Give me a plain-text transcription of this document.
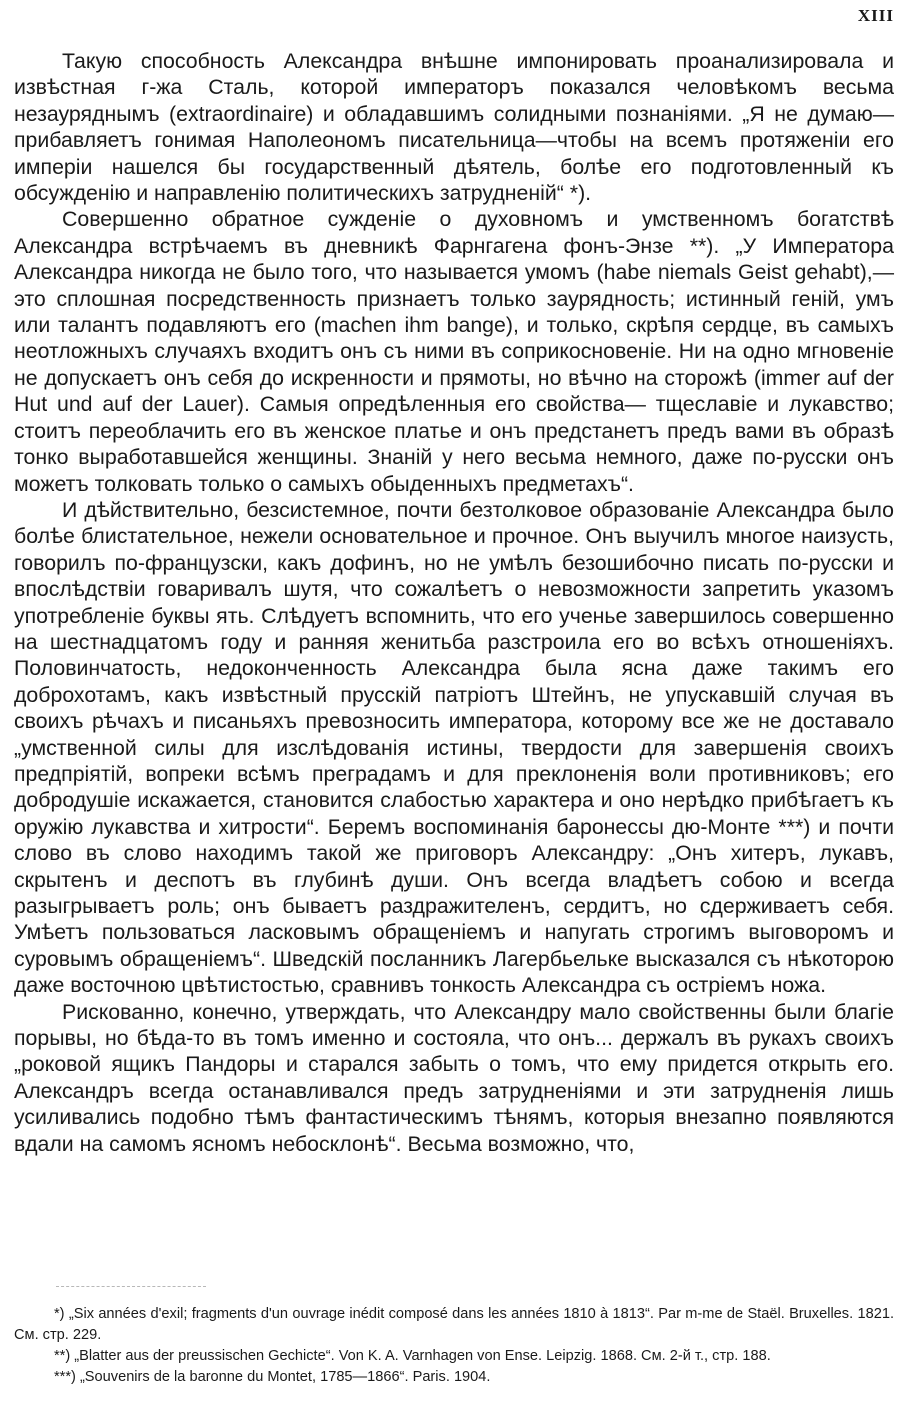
XIII

Такую способность Александра внѣшне импонировать проанализировала и извѣстная г-жа Сталь, которой императоръ показался человѣкомъ весьма незауряднымъ (extraordinaire) и обладавшимъ солидными познаніями. „Я не думаю— прибавляетъ гонимая Наполеономъ писательница—чтобы на всемъ протяженіи его имперіи нашелся бы государственный дѣятель, болѣе его подготовленный къ обсужденію и направленію политическихъ затрудненій“ *).

Совершенно обратное сужденіе о духовномъ и умственномъ богатствѣ Александра встрѣчаемъ въ дневникѣ Фарнгагена фонъ-Энзе **). „У Императора Александра никогда не было того, что называется умомъ (habe niemals Geist gehabt),—это сплошная посредственность признаетъ только заурядность; истинный геній, умъ или талантъ подавляютъ его (machen ihm bange), и только, скрѣпя сердце, въ самыхъ неотложныхъ случаяхъ входитъ онъ съ ними въ соприкосновеніе. Ни на одно мгновеніе не допускаетъ онъ себя до искренности и прямоты, но вѣчно на сторожѣ (immer auf der Hut und auf der Lauer). Самыя опредѣленныя его свойства— тщеславіе и лукавство; стоитъ переоблачить его въ женское платье и онъ предстанетъ предъ вами въ образѣ тонко выработавшейся женщины. Знаній у него весьма немного, даже по-русски онъ можетъ толковать только о самыхъ обыденныхъ предметахъ“.

И дѣйствительно, безсистемное, почти безтолковое образованіе Александра было болѣе блистательное, нежели основательное и прочное. Онъ выучилъ многое наизусть, говорилъ по-французски, какъ дофинъ, но не умѣлъ безошибочно писать по-русски и впослѣдствіи говаривалъ шутя, что сожалѣетъ о невозможности запретить указомъ употребленіе буквы ять. Слѣдуетъ вспомнить, что его ученье завершилось совершенно на шестнадцатомъ году и ранняя женитьба разстроила его во всѣхъ отношеніяхъ. Половинчатость, недоконченность Александра была ясна даже такимъ его доброхотамъ, какъ извѣстный прусскій патріотъ Штейнъ, не упускавшій случая въ своихъ рѣчахъ и писаньяхъ превозносить императора, которому все же не доставало „умственной силы для изслѣдованія истины, твердости для завершенія своихъ предпріятій, вопреки всѣмъ преградамъ и для преклоненія воли противниковъ; его добродушіе искажается, становится слабостью характера и оно нерѣдко прибѣгаетъ къ оружію лукавства и хитрости“. Беремъ воспоминанія баронессы дю-Монте ***) и почти слово въ слово находимъ такой же приговоръ Александру: „Онъ хитеръ, лукавъ, скрытенъ и деспотъ въ глубинѣ души. Онъ всегда владѣетъ собою и всегда разыгрываетъ роль; онъ бываетъ раздражителенъ, сердитъ, но сдерживаетъ себя. Умѣетъ пользоваться ласковымъ обращеніемъ и напугать строгимъ выговоромъ и суровымъ обращеніемъ“. Шведскій посланникъ Лагербьелькe высказался съ нѣкоторою даже восточною цвѣтистостью, сравнивъ тонкость Александра съ остріемъ ножа.

Рискованно, конечно, утверждать, что Александру мало свойственны были благіе порывы, но бѣда-то въ томъ именно и состояла, что онъ... держалъ въ рукахъ своихъ „роковой ящикъ Пандоры и старался забыть о томъ, что ему придется открыть его. Александръ всегда останавливался предъ затрудненіями и эти затрудненія лишь усиливались подобно тѣмъ фантастическимъ тѣнямъ, которыя внезапно появляются вдали на самомъ ясномъ небосклонѣ“. Весьма возможно, что,

*) „Six années d'exil; fragments d'un ouvrage inédit composé dans les années 1810 à 1813“. Par m-me de Staël. Bruxelles. 1821. См. стр. 229.

**) „Blatter aus der preussischen Gechicte“. Von K. A. Varnhagen von Ense. Leipzig. 1868. См. 2-й т., стр. 188.

***) „Souvenirs de la baronne du Montet, 1785—1866“. Paris. 1904.
